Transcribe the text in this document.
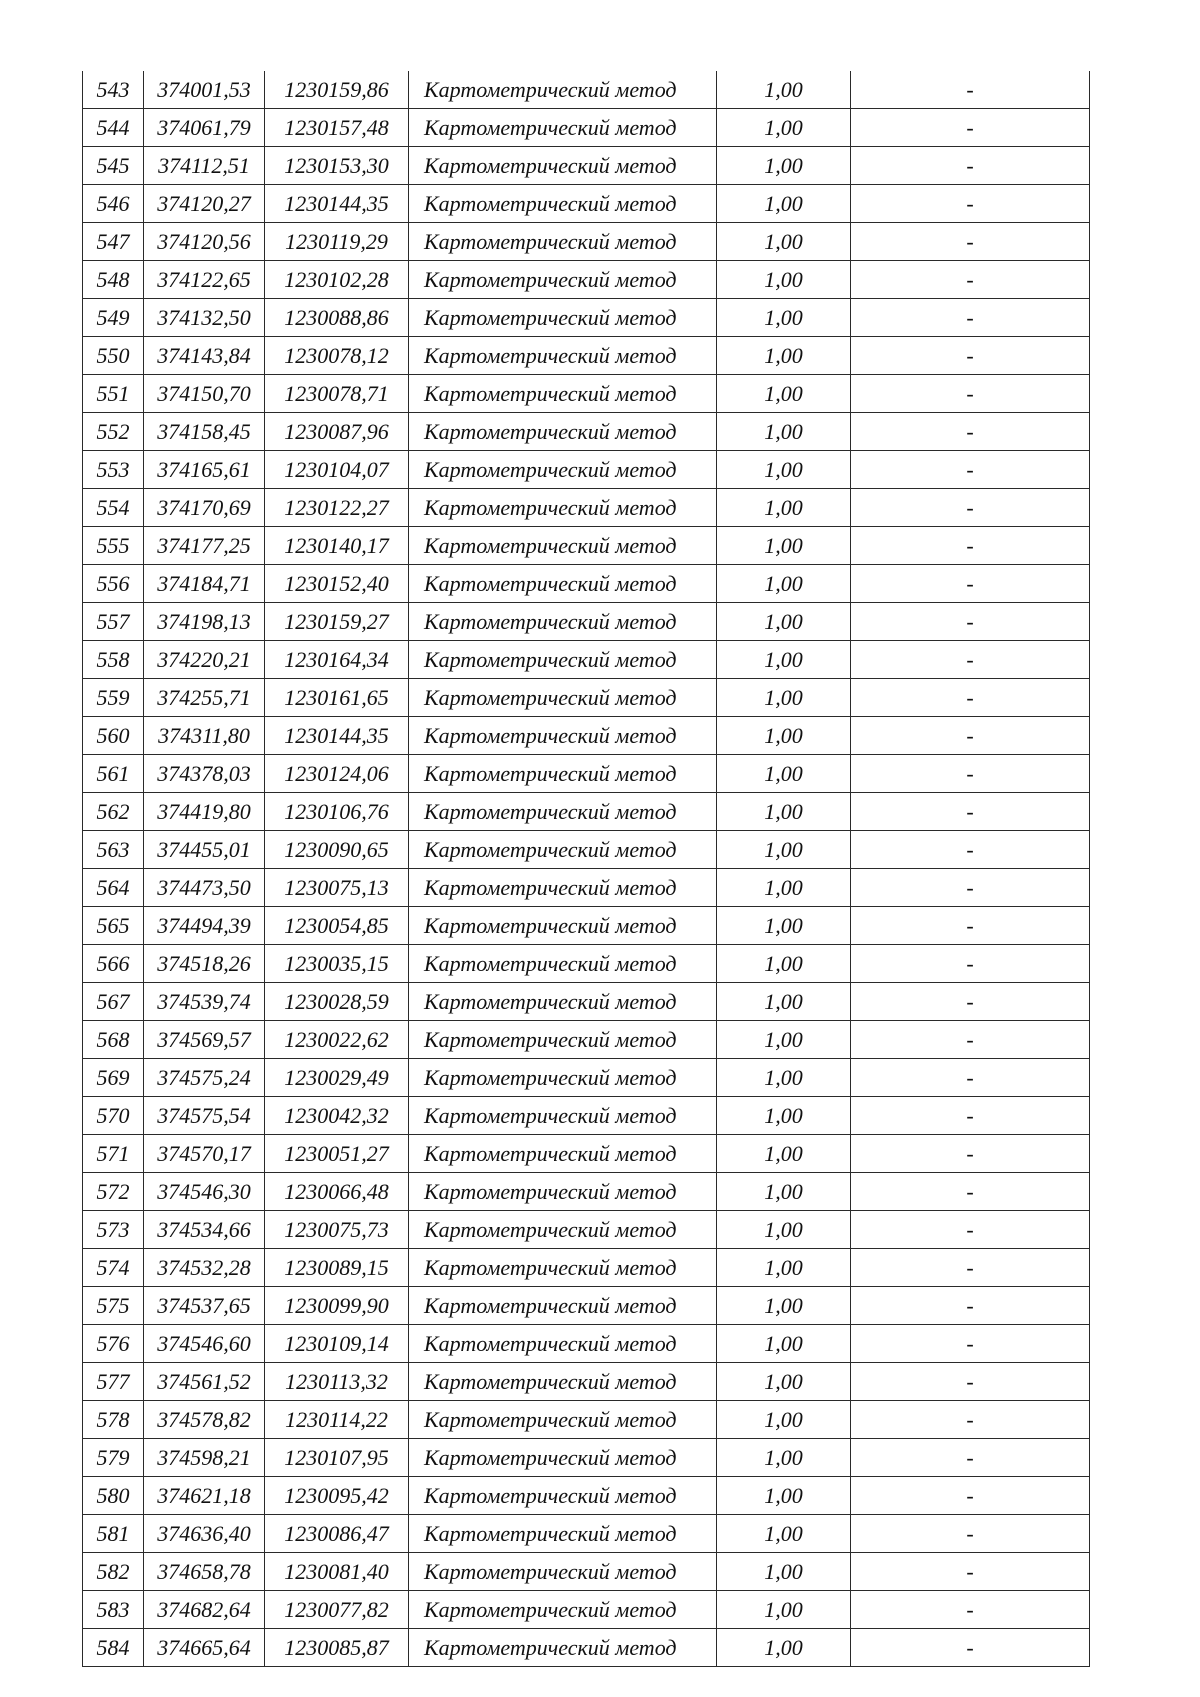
543	374001,53	1230159,86	Картометрический метод	1,00	-
544	374061,79	1230157,48	Картометрический метод	1,00	-
545	374112,51	1230153,30	Картометрический метод	1,00	-
546	374120,27	1230144,35	Картометрический метод	1,00	-
547	374120,56	1230119,29	Картометрический метод	1,00	-
548	374122,65	1230102,28	Картометрический метод	1,00	-
549	374132,50	1230088,86	Картометрический метод	1,00	-
550	374143,84	1230078,12	Картометрический метод	1,00	-
551	374150,70	1230078,71	Картометрический метод	1,00	-
552	374158,45	1230087,96	Картометрический метод	1,00	-
553	374165,61	1230104,07	Картометрический метод	1,00	-
554	374170,69	1230122,27	Картометрический метод	1,00	-
555	374177,25	1230140,17	Картометрический метод	1,00	-
556	374184,71	1230152,40	Картометрический метод	1,00	-
557	374198,13	1230159,27	Картометрический метод	1,00	-
558	374220,21	1230164,34	Картометрический метод	1,00	-
559	374255,71	1230161,65	Картометрический метод	1,00	-
560	374311,80	1230144,35	Картометрический метод	1,00	-
561	374378,03	1230124,06	Картометрический метод	1,00	-
562	374419,80	1230106,76	Картометрический метод	1,00	-
563	374455,01	1230090,65	Картометрический метод	1,00	-
564	374473,50	1230075,13	Картометрический метод	1,00	-
565	374494,39	1230054,85	Картометрический метод	1,00	-
566	374518,26	1230035,15	Картометрический метод	1,00	-
567	374539,74	1230028,59	Картометрический метод	1,00	-
568	374569,57	1230022,62	Картометрический метод	1,00	-
569	374575,24	1230029,49	Картометрический метод	1,00	-
570	374575,54	1230042,32	Картометрический метод	1,00	-
571	374570,17	1230051,27	Картометрический метод	1,00	-
572	374546,30	1230066,48	Картометрический метод	1,00	-
573	374534,66	1230075,73	Картометрический метод	1,00	-
574	374532,28	1230089,15	Картометрический метод	1,00	-
575	374537,65	1230099,90	Картометрический метод	1,00	-
576	374546,60	1230109,14	Картометрический метод	1,00	-
577	374561,52	1230113,32	Картометрический метод	1,00	-
578	374578,82	1230114,22	Картометрический метод	1,00	-
579	374598,21	1230107,95	Картометрический метод	1,00	-
580	374621,18	1230095,42	Картометрический метод	1,00	-
581	374636,40	1230086,47	Картометрический метод	1,00	-
582	374658,78	1230081,40	Картометрический метод	1,00	-
583	374682,64	1230077,82	Картометрический метод	1,00	-
584	374665,64	1230085,87	Картометрический метод	1,00	-
